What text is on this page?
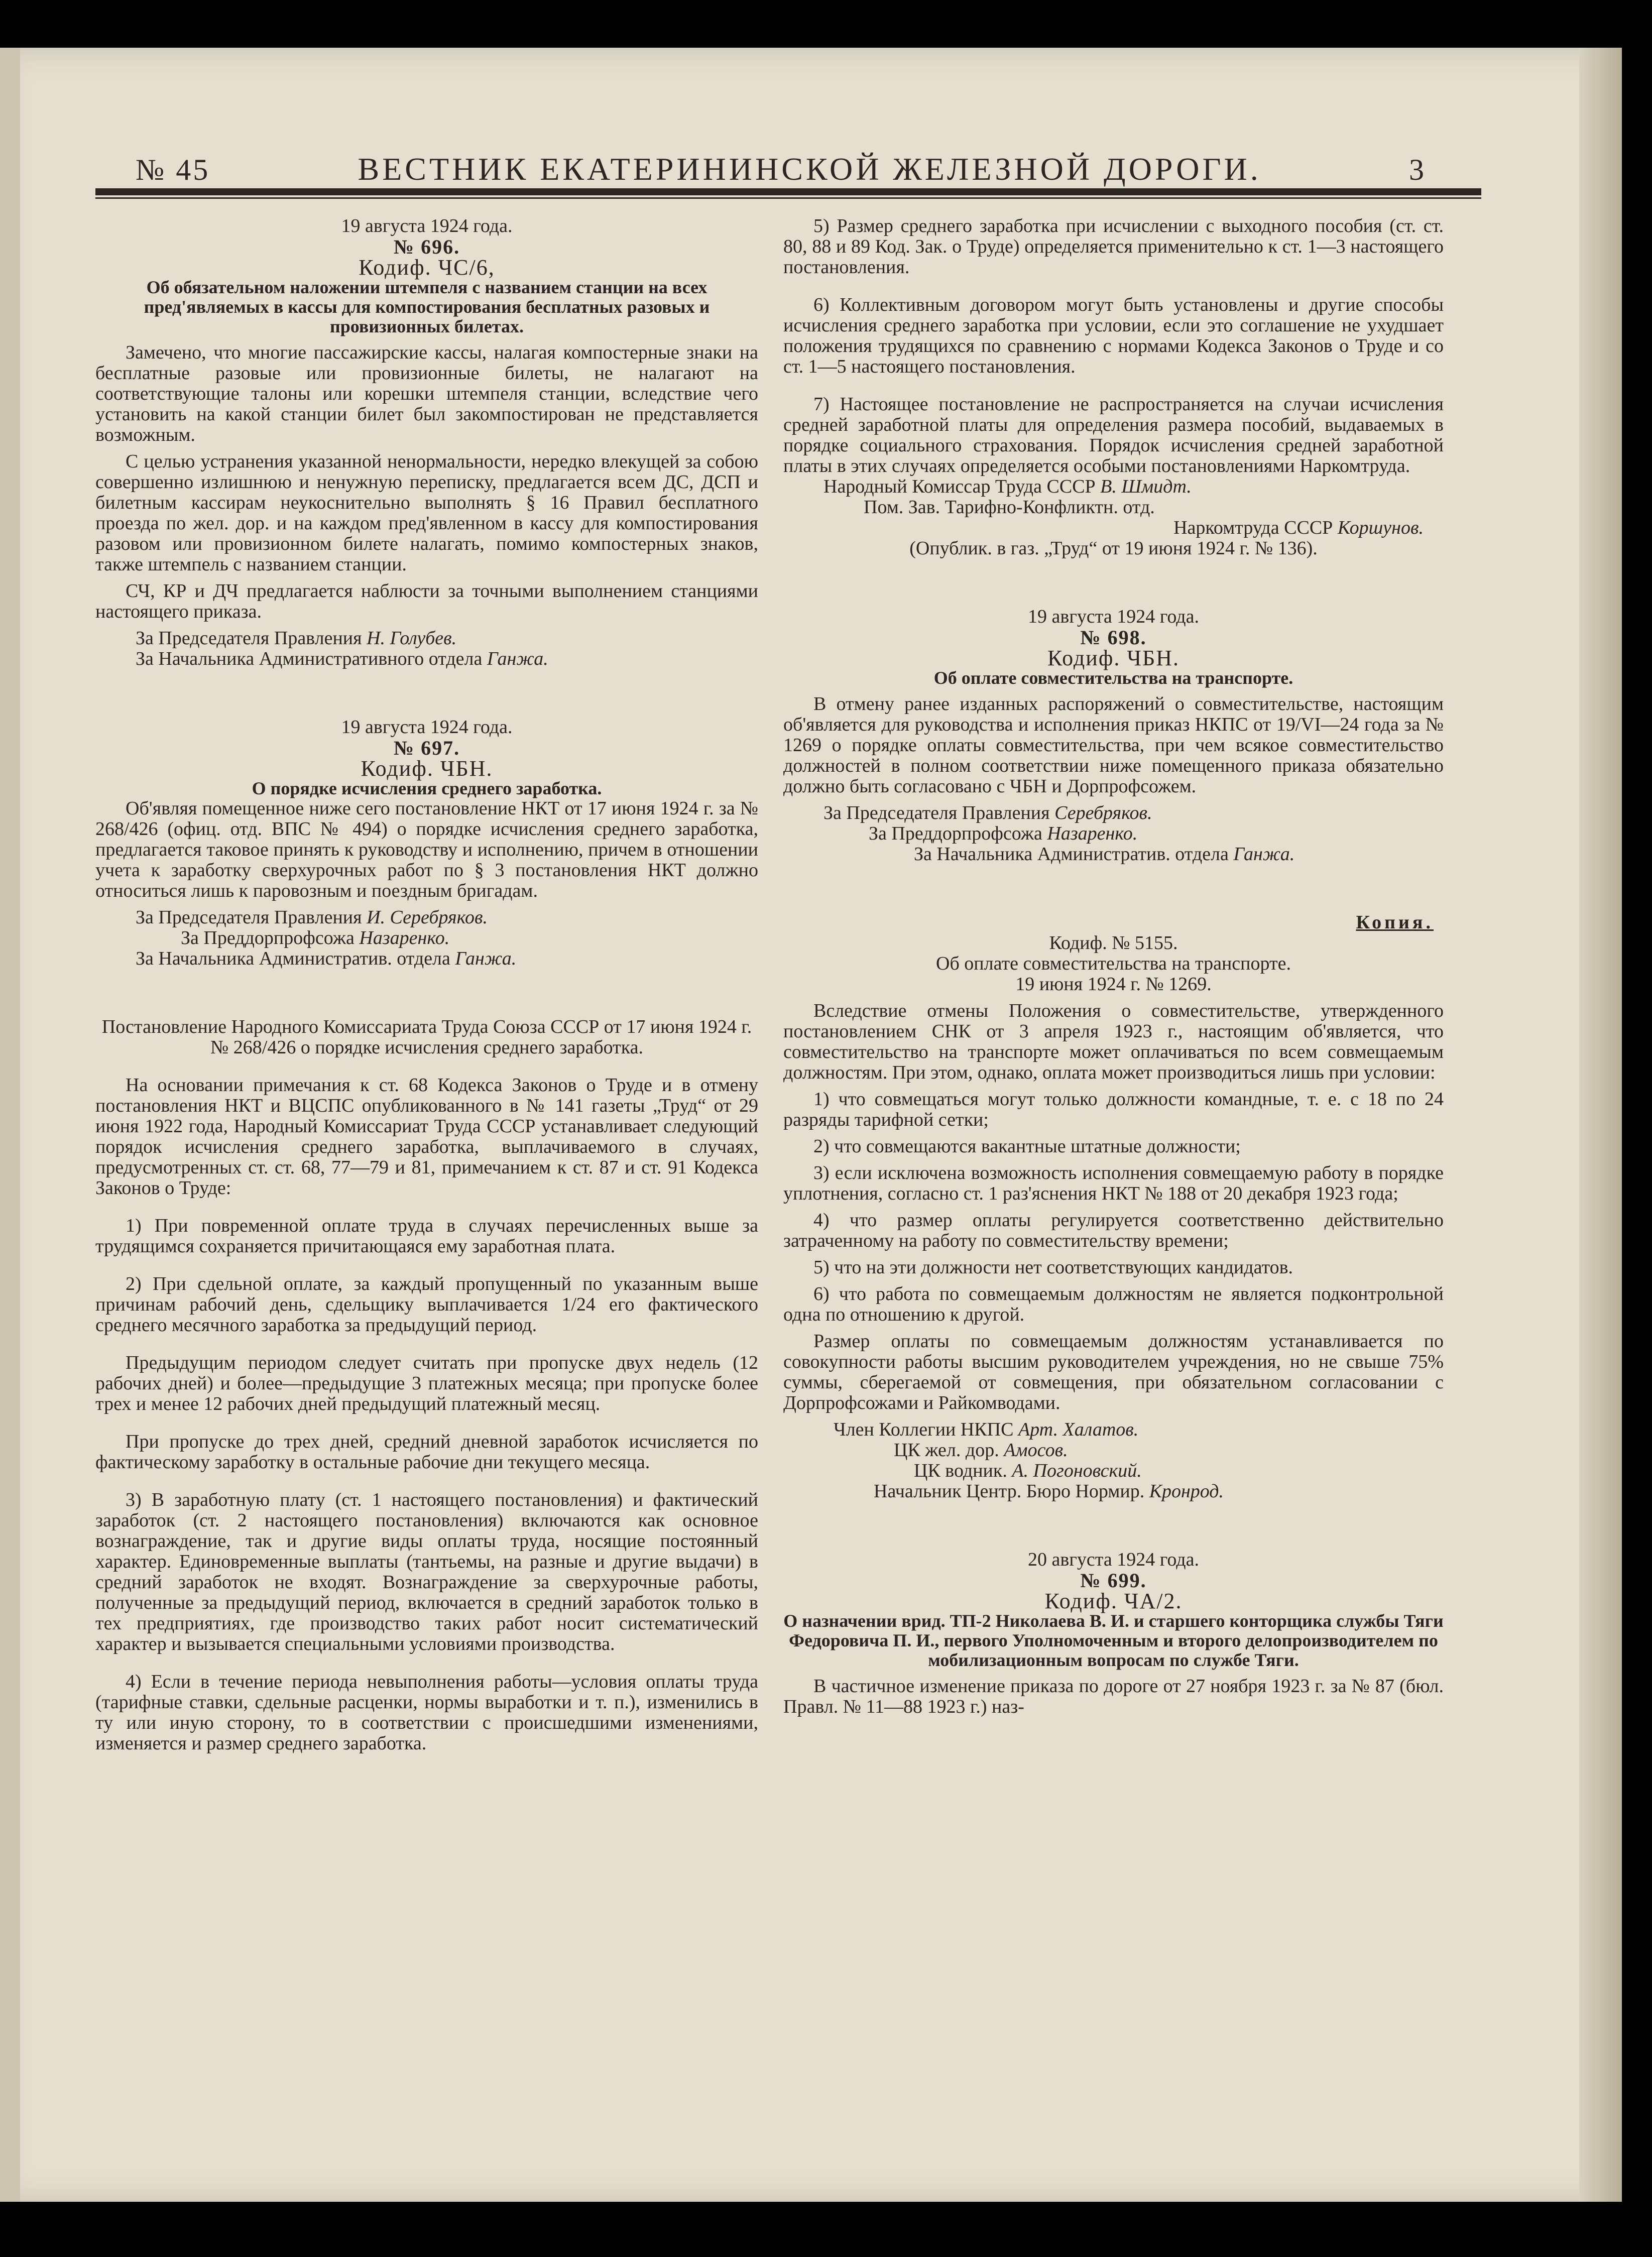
№ 45	ВЕСТНИК ЕКАТЕРИНИНСКОЙ ЖЕЛЕЗНОЙ ДОРОГИ.	3
19 августа 1924 года.
№ 696.
Кодиф. ЧС/6,
Об обязательном наложении штемпеля с названием станции на всех пред'являемых в кассы для компостирования бесплатных разовых и провизионных билетах.

Замечено, что многие пассажирские кассы, налагая компостерные знаки на бесплатные разовые или провизионные билеты, не налагают на соответствующие талоны или корешки штемпеля станции, вследствие чего установить на какой станции билет был закомпостирован не представляется возможным.

С целью устранения указанной ненормальности, нередко влекущей за собою совершенно излишнюю и ненужную переписку, предлагается всем ДС, ДСП и билетным кассирам неукоснительно выполнять § 16 Правил бесплатного проезда по жел. дор. и на каждом пред'явленном в кассу для компостирования разовом или провизионном билете налагать, помимо компостерных знаков, также штемпель с названием станции.

СЧ, КР и ДЧ предлагается наблюсти за точными выполнением станциями настоящего приказа.

За Председателя Правления Н. Голубев.
За Начальника Административного отдела Ганжа.
19 августа 1924 года.
№ 697.
Кодиф. ЧБН.
О порядке исчисления среднего заработка.

Об'являя помещенное ниже сего постановление НКТ от 17 июня 1924 г. за № 268/426 (офиц. отд. ВПС № 494) о порядке исчисления среднего заработка, предлагается таковое принять к руководству и исполнению, причем в отношении учета к заработку сверхурочных работ по § 3 постановления НКТ должно относиться лишь к паровозным и поездным бригадам.

За Председателя Правления И. Серебряков.
За Преддорпрофсожа Назаренко.
За Начальника Административ. отдела Ганжа.

Постановление Народного Комиссариата Труда Союза СССР от 17 июня 1924 г. № 268/426 о порядке исчисления среднего заработка.

На основании примечания к ст. 68 Кодекса Законов о Труде и в отмену постановления НКТ и ВЦСПС опубликованного в № 141 газеты „Труд“ от 29 июня 1922 года, Народный Комиссариат Труда СССР устанавливает следующий порядок исчисления среднего заработка, выплачиваемого в случаях, предусмотренных ст. ст. 68, 77—79 и 81, примечанием к ст. 87 и ст. 91 Кодекса Законов о Труде:

1) При повременной оплате труда в случаях перечисленных выше за трудящимся сохраняется причитающаяся ему заработная плата.

2) При сдельной оплате, за каждый пропущенный по указанным выше причинам рабочий день, сдельщику выплачивается 1/24 его фактического среднего месячного заработка за предыдущий период.

Предыдущим периодом следует считать при пропуске двух недель (12 рабочих дней) и более—предыдущие 3 платежных месяца; при пропуске более трех и менее 12 рабочих дней предыдущий платежный месяц.

При пропуске до трех дней, средний дневной заработок исчисляется по фактическому заработку в остальные рабочие дни текущего месяца.

3) В заработную плату (ст. 1 настоящего постановления) и фактический заработок (ст. 2 настоящего постановления) включаются как основное вознаграждение, так и другие виды оплаты труда, носящие постоянный характер. Единовременные выплаты (тантьемы, на разные и другие выдачи) в средний заработок не входят. Вознаграждение за сверхурочные работы, полученные за предыдущий период, включается в средний заработок только в тех предприятиях, где производство таких работ носит систематический характер и вызывается специальными условиями производства.

4) Если в течение периода невыполнения работы—условия оплаты труда (тарифные ставки, сдельные расценки, нормы выработки и т. п.), изменились в ту или иную сторону, то в соответствии с происшедшими изменениями, изменяется и размер среднего заработка.

5) Размер среднего заработка при исчислении с выходного пособия (ст. ст. 80, 88 и 89 Код. Зак. о Труде) определяется применительно к ст. 1—3 настоящего постановления.

6) Коллективным договором могут быть установлены и другие способы исчисления среднего заработка при условии, если это соглашение не ухудшает положения трудящихся по сравнению с нормами Кодекса Законов о Труде и со ст. 1—5 настоящего постановления.

7) Настоящее постановление не распространяется на случаи исчисления средней заработной платы для определения размера пособий, выдаваемых в порядке социального страхования. Порядок исчисления средней заработной платы в этих случаях определяется особыми постановлениями Наркомтруда.

Народный Комиссар Труда СССР В. Шмидт.
Пом. Зав. Тарифно-Конфликтн. отд.
Наркомтруда СССР Коршунов.
(Опублик. в газ. „Труд“ от 19 июня 1924 г. № 136).
19 августа 1924 года.
№ 698.
Кодиф. ЧБН.
Об оплате совместительства на транспорте.

В отмену ранее изданных распоряжений о совместительстве, настоящим об'является для руководства и исполнения приказ НКПС от 19/VI—24 года за № 1269 о порядке оплаты совместительства, при чем всякое совместительство должностей в полном соответствии ниже помещенного приказа обязательно должно быть согласовано с ЧБН и Дорпрофсожем.

За Председателя Правления Серебряков.
За Преддорпрофсожа Назаренко.
За Начальника Административ. отдела Ганжа.
Копия.
Кодиф. № 5155.
Об оплате совместительства на транспорте.
19 июня 1924 г. № 1269.

Вследствие отмены Положения о совместительстве, утвержденного постановлением СНК от 3 апреля 1923 г., настоящим об'является, что совместительство на транспорте может оплачиваться по всем совмещаемым должностям. При этом, однако, оплата может производиться лишь при условии:

1) что совмещаться могут только должности командные, т. е. с 18 по 24 разряды тарифной сетки;

2) что совмещаются вакантные штатные должности;

3) если исключена возможность исполнения совмещаемую работу в порядке уплотнения, согласно ст. 1 раз'яснения НКТ № 188 от 20 декабря 1923 года;

4) что размер оплаты регулируется соответственно действительно затраченному на работу по совместительству времени;

5) что на эти должности нет соответствующих кандидатов.

6) что работа по совмещаемым должностям не является подконтрольной одна по отношению к другой.

Размер оплаты по совмещаемым должностям устанавливается по совокупности работы высшим руководителем учреждения, но не свыше 75% суммы, сберегаемой от совмещения, при обязательном согласовании с Дорпрофсожами и Райкомводами.

Член Коллегии НКПС Арт. Халатов.
ЦК жел. дор. Амосов.
ЦК водник. А. Погоновский.
Начальник Центр. Бюро Нормир. Кронрод.
20 августа 1924 года.
№ 699.
Кодиф. ЧА/2.
О назначении врид. ТП-2 Николаева В. И. и старшего конторщика службы Тяги Федоровича П. И., первого Уполномоченным и второго делопроизводителем по мобилизационным вопросам по службе Тяги.

В частичное изменение приказа по дороге от 27 ноября 1923 г. за № 87 (бюл. Правл. № 11—88 1923 г.) наз-
